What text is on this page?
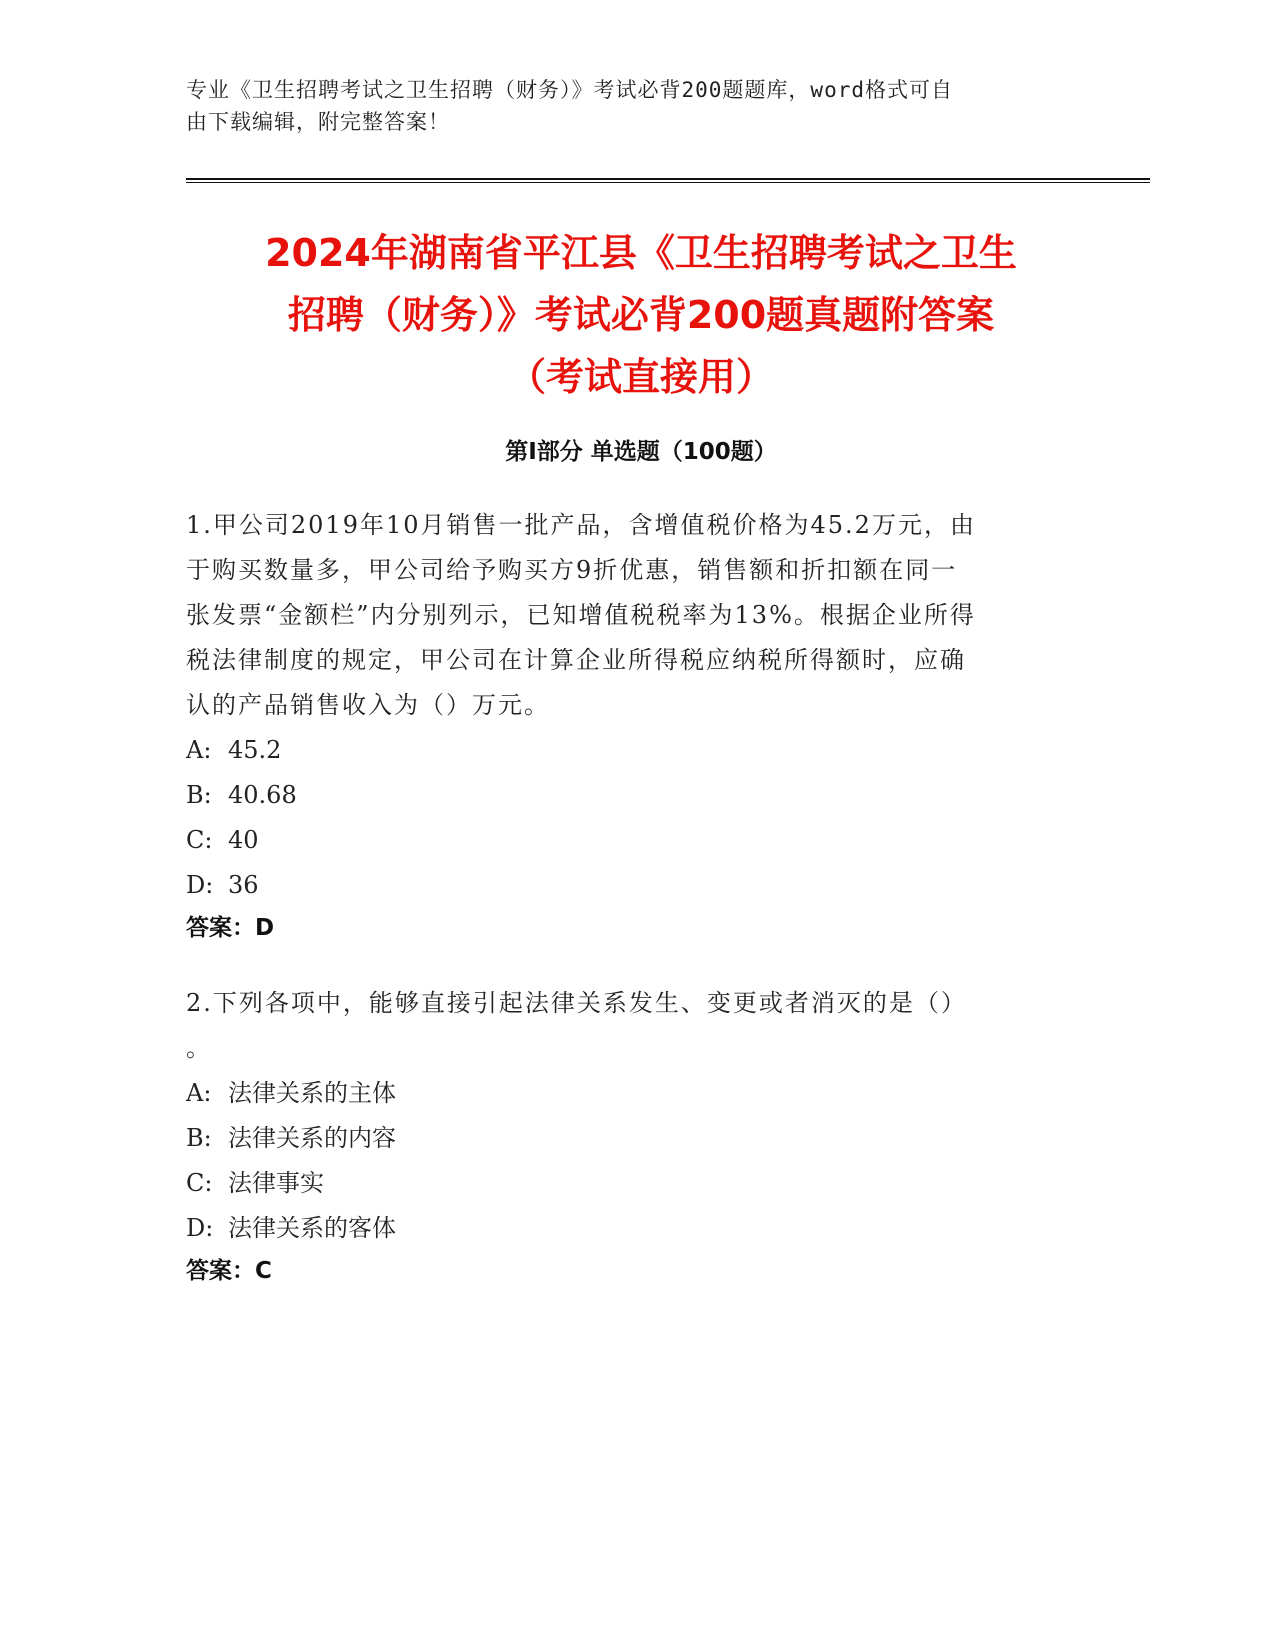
专业《卫生招聘考试之卫生招聘（财务）》考试必背200题题库，word格式可自
由下载编辑，附完整答案！
2024年湖南省平江县《卫生招聘考试之卫生
招聘（财务）》考试必背200题真题附答案
（考试直接用）
第Ⅰ部分 单选题（100题）
1.甲公司2019年10月销售一批产品，含增值税价格为45.2万元，由
于购买数量多，甲公司给予购买方9折优惠，销售额和折扣额在同一
张发票“金额栏”内分别列示，已知增值税税率为13%。根据企业所得
税法律制度的规定，甲公司在计算企业所得税应纳税所得额时，应确
认的产品销售收入为（）万元。
A: 45.2
B: 40.68
C: 40
D: 36
答案：D
2.下列各项中，能够直接引起法律关系发生、变更或者消灭的是（）
。
A: 法律关系的主体
B: 法律关系的内容
C: 法律事实
D: 法律关系的客体
答案：C
